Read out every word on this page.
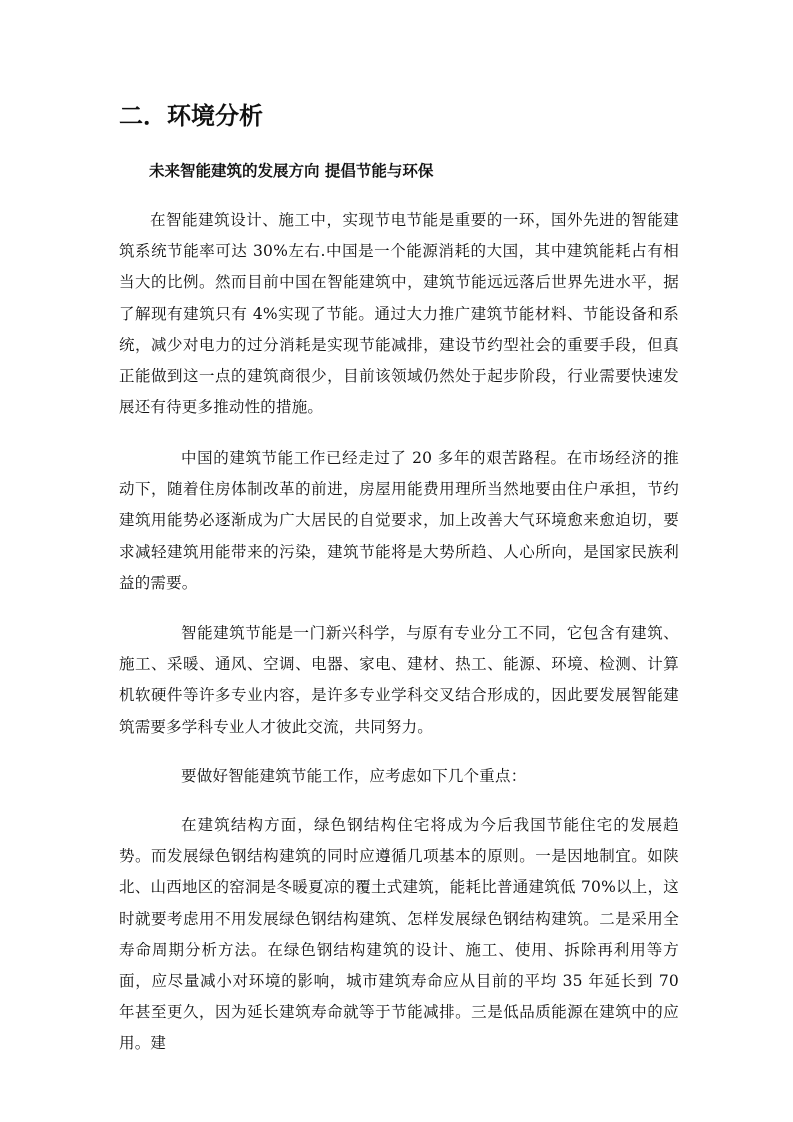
二．环境分析
未来智能建筑的发展方向 提倡节能与环保

在智能建筑设计、施工中，实现节电节能是重要的一环，国外先进的智能建筑系统节能率可达 30%左右.中国是一个能源消耗的大国，其中建筑能耗占有相当大的比例。然而目前中国在智能建筑中，建筑节能远远落后世界先进水平，据了解现有建筑只有 4%实现了节能。通过大力推广建筑节能材料、节能设备和系统，减少对电力的过分消耗是实现节能减排，建设节约型社会的重要手段，但真正能做到这一点的建筑商很少，目前该领域仍然处于起步阶段，行业需要快速发展还有待更多推动性的措施。

中国的建筑节能工作已经走过了 20 多年的艰苦路程。在市场经济的推动下，随着住房体制改革的前进，房屋用能费用理所当然地要由住户承担，节约建筑用能势必逐渐成为广大居民的自觉要求，加上改善大气环境愈来愈迫切，要求减轻建筑用能带来的污染，建筑节能将是大势所趋、人心所向，是国家民族利益的需要。

智能建筑节能是一门新兴科学，与原有专业分工不同，它包含有建筑、施工、采暖、通风、空调、电器、家电、建材、热工、能源、环境、检测、计算机软硬件等许多专业内容，是许多专业学科交叉结合形成的，因此要发展智能建筑需要多学科专业人才彼此交流，共同努力。

要做好智能建筑节能工作，应考虑如下几个重点：

在建筑结构方面，绿色钢结构住宅将成为今后我国节能住宅的发展趋势。而发展绿色钢结构建筑的同时应遵循几项基本的原则。一是因地制宜。如陕北、山西地区的窑洞是冬暖夏凉的覆土式建筑，能耗比普通建筑低 70%以上，这时就要考虑用不用发展绿色钢结构建筑、怎样发展绿色钢结构建筑。二是采用全寿命周期分析方法。在绿色钢结构建筑的设计、施工、使用、拆除再利用等方面，应尽量减小对环境的影响，城市建筑寿命应从目前的平均 35 年延长到 70 年甚至更久，因为延长建筑寿命就等于节能减排。三是低品质能源在建筑中的应用。建
